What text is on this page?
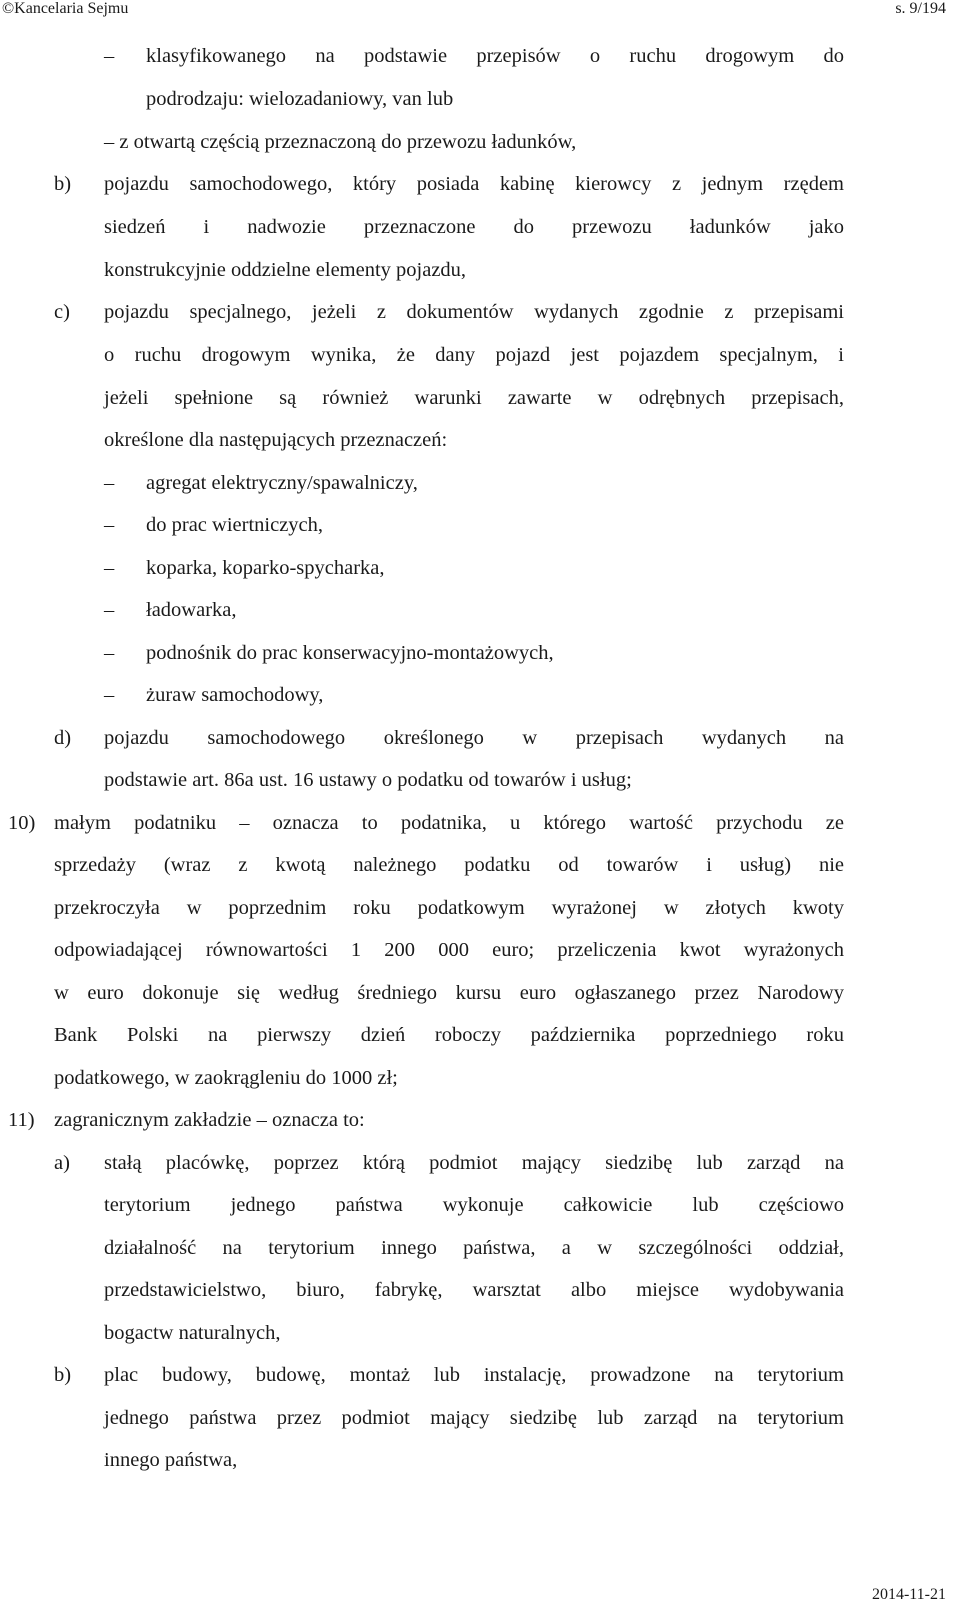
©Kancelaria Sejmu	s. 9/194
– klasyfikowanego na podstawie przepisów o ruchu drogowym do
podrodzaju: wielozadaniowy, van lub
– z otwartą częścią przeznaczoną do przewozu ładunków,
b) pojazdu samochodowego, który posiada kabinę kierowcy z jednym rzędem
siedzeń i nadwozie przeznaczone do przewozu ładunków jako
konstrukcyjnie oddzielne elementy pojazdu,
c) pojazdu specjalnego, jeżeli z dokumentów wydanych zgodnie z przepisami
o ruchu drogowym wynika, że dany pojazd jest pojazdem specjalnym, i
jeżeli spełnione są również warunki zawarte w odrębnych przepisach,
określone dla następujących przeznaczeń:
– agregat elektryczny/spawalniczy,
– do prac wiertniczych,
– koparka, koparko-spycharka,
– ładowarka,
– podnośnik do prac konserwacyjno-montażowych,
– żuraw samochodowy,
d) pojazdu samochodowego określonego w przepisach wydanych na
podstawie art. 86a ust. 16 ustawy o podatku od towarów i usług;
10) małym podatniku – oznacza to podatnika, u którego wartość przychodu ze
sprzedaży (wraz z kwotą należnego podatku od towarów i usług) nie
przekroczyła w poprzednim roku podatkowym wyrażonej w złotych kwoty
odpowiadającej równowartości 1 200 000 euro; przeliczenia kwot wyrażonych
w euro dokonuje się według średniego kursu euro ogłaszanego przez Narodowy
Bank Polski na pierwszy dzień roboczy października poprzedniego roku
podatkowego, w zaokrągleniu do 1000 zł;
11) zagranicznym zakładzie – oznacza to:
a) stałą placówkę, poprzez którą podmiot mający siedzibę lub zarząd na
terytorium jednego państwa wykonuje całkowicie lub częściowo
działalność na terytorium innego państwa, a w szczególności oddział,
przedstawicielstwo, biuro, fabrykę, warsztat albo miejsce wydobywania
bogactw naturalnych,
b) plac budowy, budowę, montaż lub instalację, prowadzone na terytorium
jednego państwa przez podmiot mający siedzibę lub zarząd na terytorium
innego państwa,
2014-11-21
